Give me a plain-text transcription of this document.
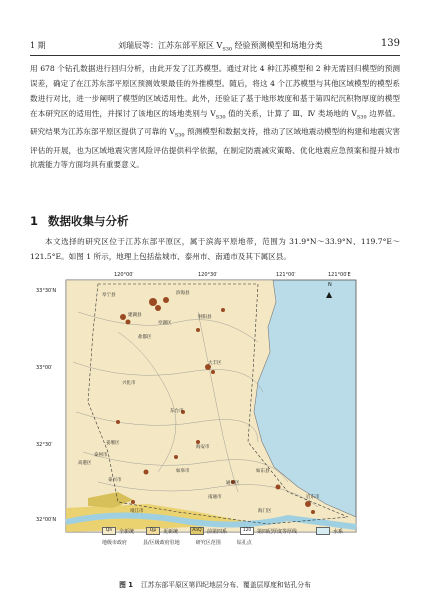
1 期	刘瑞辰等：江苏东部平原区 $V_{S30}$ 经验预测模型和场地分类	139

用 678 个钻孔数据进行回归分析，由此开发了江苏模型。通过对比 4 种江苏模型和 2 种无需回归模型的预测误差，确定了在江苏东部平原区预测效果最佳的外推模型。随后，将这 4 个江苏模型与其他区域模型的模型系数进行对比，进一步阐明了模型的区域适用性。此外，还验证了基于地形坡度和基于第四纪沉积物厚度的模型在本研究区的适用性，并探讨了该地区的场地类别与 $V_{S30}$ 值的关系，计算了 Ⅲ、Ⅳ 类场地的 $V_{S30}$ 边界值。研究结果为江苏东部平原区提供了可靠的 $V_{S30}$ 预测模型和数据支持，推动了区域地震动模型的构建和地震灾害评估的开展，也为区域地震灾害风险评估提供科学依据，在制定防震减灾策略、优化地震应急预案和提升城市抗震能力等方面均具有重要意义。

1 数据收集与分析
本文选择的研究区位于江苏东部平原区，属于滨海平原地带，范围为 31.9°N～33.9°N、119.7°E～121.5°E。如图 1 所示，地理上包括盐城市、泰州市、南通市及其下属区县。
120°00′	120°30′	121°00′	121°00′E
33°30′N
33°00′
32°30′
32°00′N
阜宁县	滨海县
射阳县
建湖县
盐都区
亭湖区
大丰区
兴化市
东台市
姜堰区
海安市
如东县
泰兴市
如皋市
高港区
泰州市
靖江市
南通市
海门区
启东市
通州区
▲
N
Qh	全新统	Qp	更新统	AnQ	前第四系	120	第四纪厚度等厚线	水系
地级市政府	县/区级政府驻地	研究区范围	钻孔点
图 1 江苏东部平原区第四纪地层分布、覆盖层厚度和钻孔分布
